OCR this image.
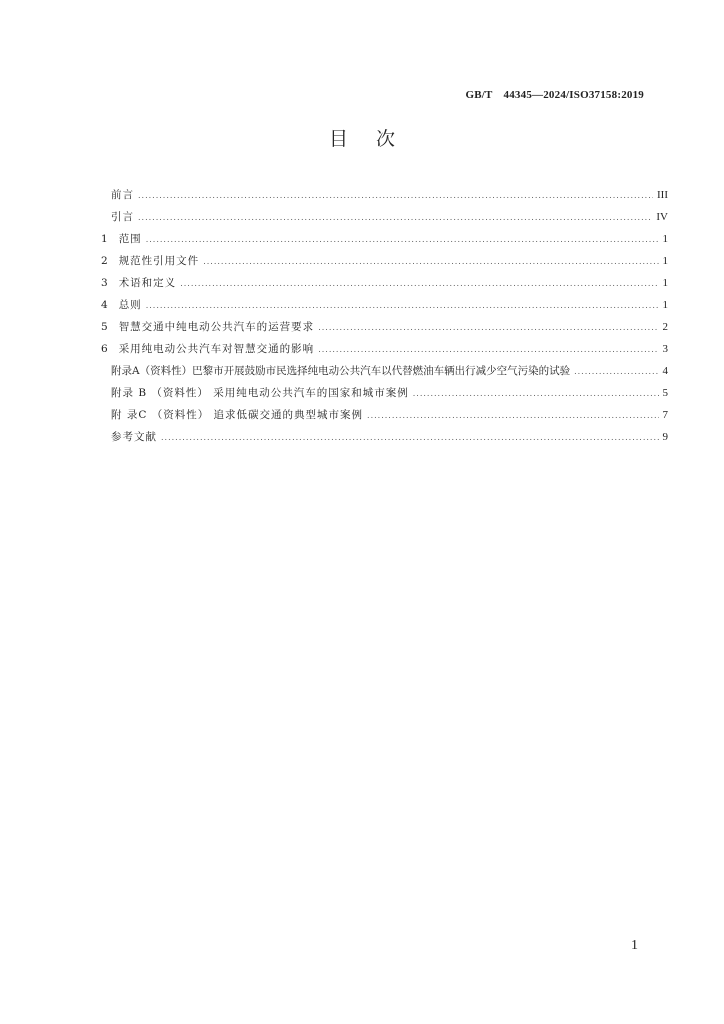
GB/T　44345—2024/ISO37158:2019
目次
前言 .....	III
引言 .....	IV
1 范围 .....	1
2 规范性引用文件 .....	1
3 术语和定义 .....	1
4 总则 .....	1
5 智慧交通中纯电动公共汽车的运营要求 .....	2
6 采用纯电动公共汽车对智慧交通的影响 .....	3
附录A（资料性）巴黎市开展鼓励市民选择纯电动公共汽车以代替燃油车辆出行减少空气污染的试验 .....	4
附录 B （资料性） 采用纯电动公共汽车的国家和城市案例 .....	5
附 录C （资料性） 追求低碳交通的典型城市案例 .....	7
参考文献 .....	9
1
